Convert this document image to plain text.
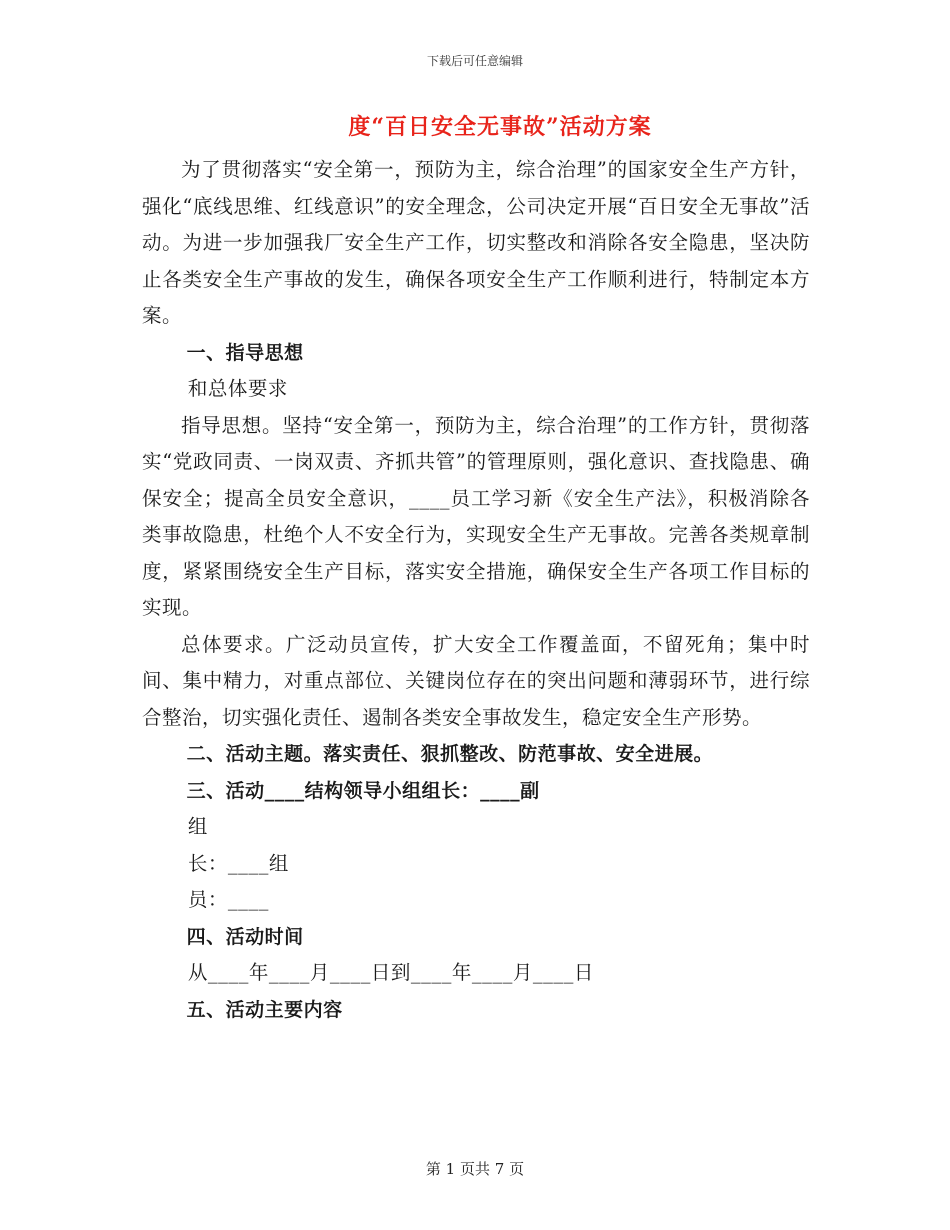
下载后可任意编辑
度“百日安全无事故”活动方案

为了贯彻落实“安全第一，预防为主，综合治理”的国家安全生产方针，强化“底线思维、红线意识”的安全理念，公司决定开展“百日安全无事故”活动。为进一步加强我厂安全生产工作，切实整改和消除各安全隐患，坚决防止各类安全生产事故的发生，确保各项安全生产工作顺利进行，特制定本方案。

一、指导思想

和总体要求

指导思想。坚持“安全第一，预防为主，综合治理”的工作方针，贯彻落实“党政同责、一岗双责、齐抓共管”的管理原则，强化意识、查找隐患、确保安全；提高全员安全意识，____员工学习新《安全生产法》，积极消除各类事故隐患，杜绝个人不安全行为，实现安全生产无事故。完善各类规章制度，紧紧围绕安全生产目标，落实安全措施，确保安全生产各项工作目标的实现。

总体要求。广泛动员宣传，扩大安全工作覆盖面，不留死角；集中时间、集中精力，对重点部位、关键岗位存在的突出问题和薄弱环节，进行综合整治，切实强化责任、遏制各类安全事故发生，稳定安全生产形势。

二、活动主题。落实责任、狠抓整改、防范事故、安全进展。

三、活动____结构领导小组组长：____副

组

长：____组

员：____

四、活动时间

从____年____月____日到____年____月____日

五、活动主要内容

第 1 页共 7 页
